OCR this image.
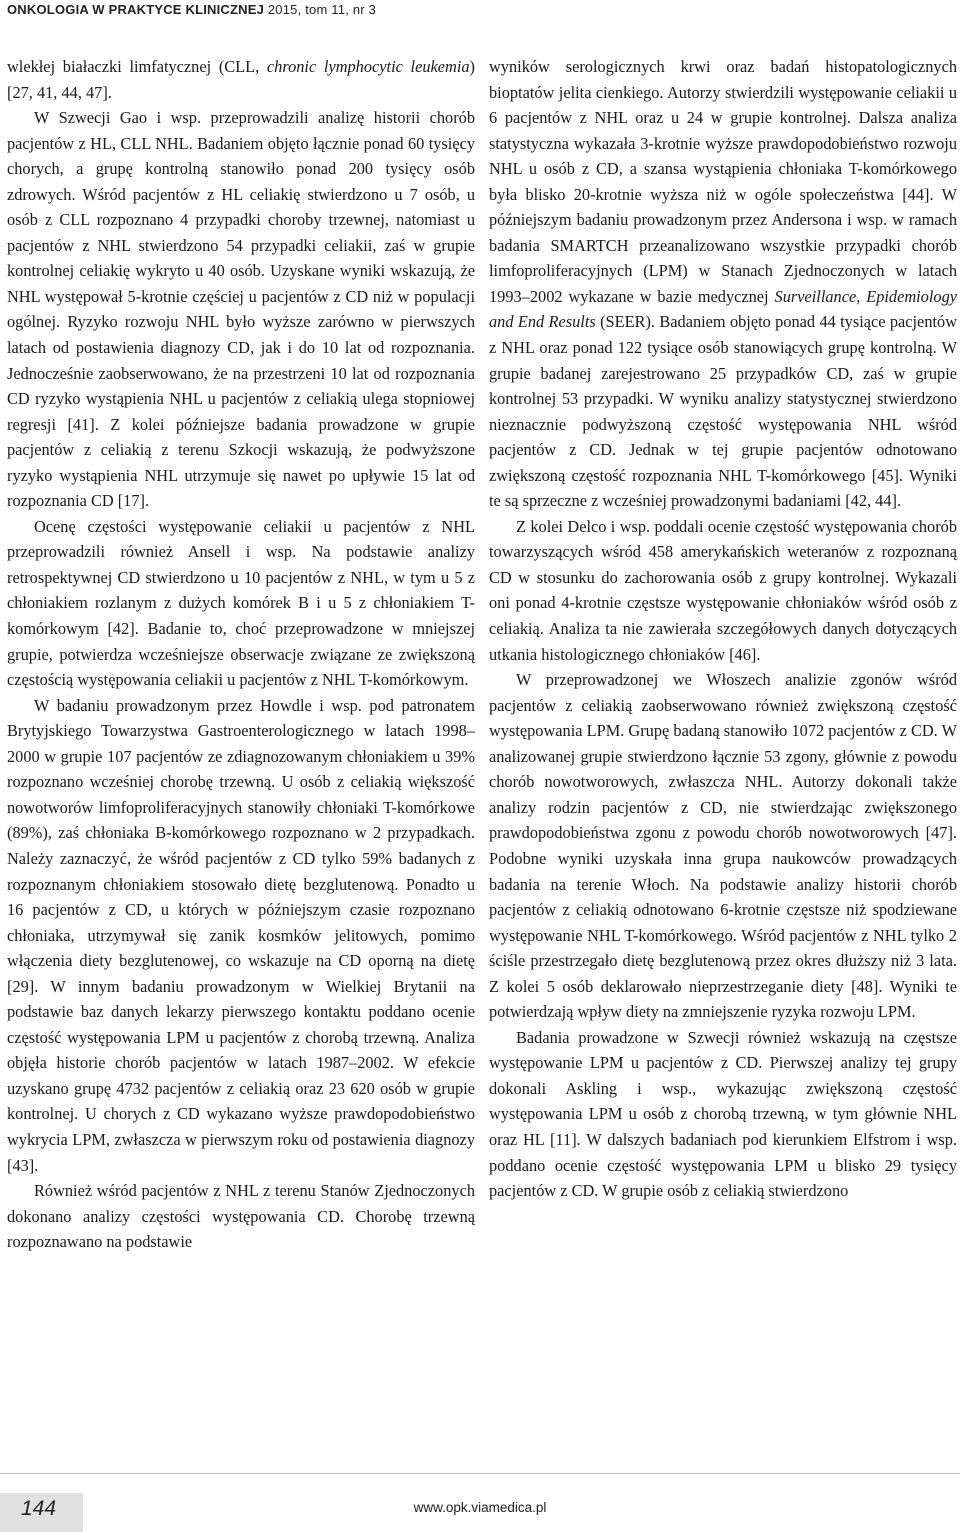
ONKOLOGIA W PRAKTYCE KLINICZNEJ 2015, tom 11, nr 3

wlekłej białaczki limfatycznej (CLL, chronic lymphocytic leukemia) [27, 41, 44, 47].

W Szwecji Gao i wsp. przeprowadzili analizę historii chorób pacjentów z HL, CLL NHL. Badaniem objęto łącznie ponad 60 tysięcy chorych, a grupę kontrolną stanowiło ponad 200 tysięcy osób zdrowych. Wśród pacjentów z HL celiakię stwierdzono u 7 osób, u osób z CLL rozpoznano 4 przypadki choroby trzewnej, natomiast u pacjentów z NHL stwierdzono 54 przypadki celiakii, zaś w grupie kontrolnej celiakię wykryto u 40 osób. Uzyskane wyniki wskazują, że NHL występował 5-krotnie częściej u pacjentów z CD niż w populacji ogólnej. Ryzyko rozwoju NHL było wyższe zarówno w pierwszych latach od postawienia diagnozy CD, jak i do 10 lat od rozpoznania. Jednocześnie zaobserwowano, że na przestrzeni 10 lat od rozpoznania CD ryzyko wystąpienia NHL u pacjentów z celiakią ulega stopniowej regresji [41]. Z kolei późniejsze badania prowadzone w grupie pacjentów z celiakią z terenu Szkocji wskazują, że podwyższone ryzyko wystąpienia NHL utrzymuje się nawet po upływie 15 lat od rozpoznania CD [17].

Ocenę częstości występowanie celiakii u pacjentów z NHL przeprowadzili również Ansell i wsp. Na podstawie analizy retrospektywnej CD stwierdzono u 10 pacjentów z NHL, w tym u 5 z chłoniakiem rozlanym z dużych komórek B i u 5 z chłoniakiem T-komórkowym [42]. Badanie to, choć przeprowadzone w mniejszej grupie, potwierdza wcześniejsze obserwacje związane ze zwiększoną częstością występowania celiakii u pacjentów z NHL T-komórkowym.

W badaniu prowadzonym przez Howdle i wsp. pod patronatem Brytyjskiego Towarzystwa Gastroenterologicznego w latach 1998–2000 w grupie 107 pacjentów ze zdiagnozowanym chłoniakiem u 39% rozpoznano wcześniej chorobę trzewną. U osób z celiakią większość nowotworów limfoproliferacyjnych stanowiły chłoniaki T-komórkowe (89%), zaś chłoniaka B-komórkowego rozpoznano w 2 przypadkach. Należy zaznaczyć, że wśród pacjentów z CD tylko 59% badanych z rozpoznanym chłoniakiem stosowało dietę bezglutenową. Ponadto u 16 pacjentów z CD, u których w późniejszym czasie rozpoznano chłoniaka, utrzymywał się zanik kosmków jelitowych, pomimo włączenia diety bezglutenowej, co wskazuje na CD oporną na dietę [29]. W innym badaniu prowadzonym w Wielkiej Brytanii na podstawie baz danych lekarzy pierwszego kontaktu poddano ocenie częstość występowania LPM u pacjentów z chorobą trzewną. Analiza objęła historie chorób pacjentów w latach 1987–2002. W efekcie uzyskano grupę 4732 pacjentów z celiakią oraz 23 620 osób w grupie kontrolnej. U chorych z CD wykazano wyższe prawdopodobieństwo wykrycia LPM, zwłaszcza w pierwszym roku od postawienia diagnozy [43].

Również wśród pacjentów z NHL z terenu Stanów Zjednoczonych dokonano analizy częstości występowania CD. Chorobę trzewną rozpoznawano na podstawie

wyników serologicznych krwi oraz badań histopatologicznych bioptatów jelita cienkiego. Autorzy stwierdzili występowanie celiakii u 6 pacjentów z NHL oraz u 24 w grupie kontrolnej. Dalsza analiza statystyczna wykazała 3-krotnie wyższe prawdopodobieństwo rozwoju NHL u osób z CD, a szansa wystąpienia chłoniaka T-komórkowego była blisko 20-krotnie wyższa niż w ogóle społeczeństwa [44]. W późniejszym badaniu prowadzonym przez Andersona i wsp. w ramach badania SMARTCH przeanalizowano wszystkie przypadki chorób limfoproliferacyjnych (LPM) w Stanach Zjednoczonych w latach 1993–2002 wykazane w bazie medycznej Surveillance, Epidemiology and End Results (SEER). Badaniem objęto ponad 44 tysiące pacjentów z NHL oraz ponad 122 tysiące osób stanowiących grupę kontrolną. W grupie badanej zarejestrowano 25 przypadków CD, zaś w grupie kontrolnej 53 przypadki. W wyniku analizy statystycznej stwierdzono nieznacznie podwyższoną częstość występowania NHL wśród pacjentów z CD. Jednak w tej grupie pacjentów odnotowano zwiększoną częstość rozpoznania NHL T-komórkowego [45]. Wyniki te są sprzeczne z wcześniej prowadzonymi badaniami [42, 44].

Z kolei Delco i wsp. poddali ocenie częstość występowania chorób towarzyszących wśród 458 amerykańskich weteranów z rozpoznaną CD w stosunku do zachorowania osób z grupy kontrolnej. Wykazali oni ponad 4-krotnie częstsze występowanie chłoniaków wśród osób z celiakią. Analiza ta nie zawierała szczegółowych danych dotyczących utkania histologicznego chłoniaków [46].

W przeprowadzonej we Włoszech analizie zgonów wśród pacjentów z celiakią zaobserwowano również zwiększoną częstość występowania LPM. Grupę badaną stanowiło 1072 pacjentów z CD. W analizowanej grupie stwierdzono łącznie 53 zgony, głównie z powodu chorób nowotworowych, zwłaszcza NHL. Autorzy dokonali także analizy rodzin pacjentów z CD, nie stwierdzając zwiększonego prawdopodobieństwa zgonu z powodu chorób nowotworowych [47]. Podobne wyniki uzyskała inna grupa naukowców prowadzących badania na terenie Włoch. Na podstawie analizy historii chorób pacjentów z celiakią odnotowano 6-krotnie częstsze niż spodziewane występowanie NHL T-komórkowego. Wśród pacjentów z NHL tylko 2 ściśle przestrzegało dietę bezglutenową przez okres dłuższy niż 3 lata. Z kolei 5 osób deklarowało nieprzestrzeganie diety [48]. Wyniki te potwierdzają wpływ diety na zmniejszenie ryzyka rozwoju LPM.

Badania prowadzone w Szwecji również wskazują na częstsze występowanie LPM u pacjentów z CD. Pierwszej analizy tej grupy dokonali Askling i wsp., wykazując zwiększoną częstość występowania LPM u osób z chorobą trzewną, w tym głównie NHL oraz HL [11]. W dalszych badaniach pod kierunkiem Elfstrom i wsp. poddano ocenie częstość występowania LPM u blisko 29 tysięcy pacjentów z CD. W grupie osób z celiakią stwierdzono

144	www.opk.viamedica.pl
